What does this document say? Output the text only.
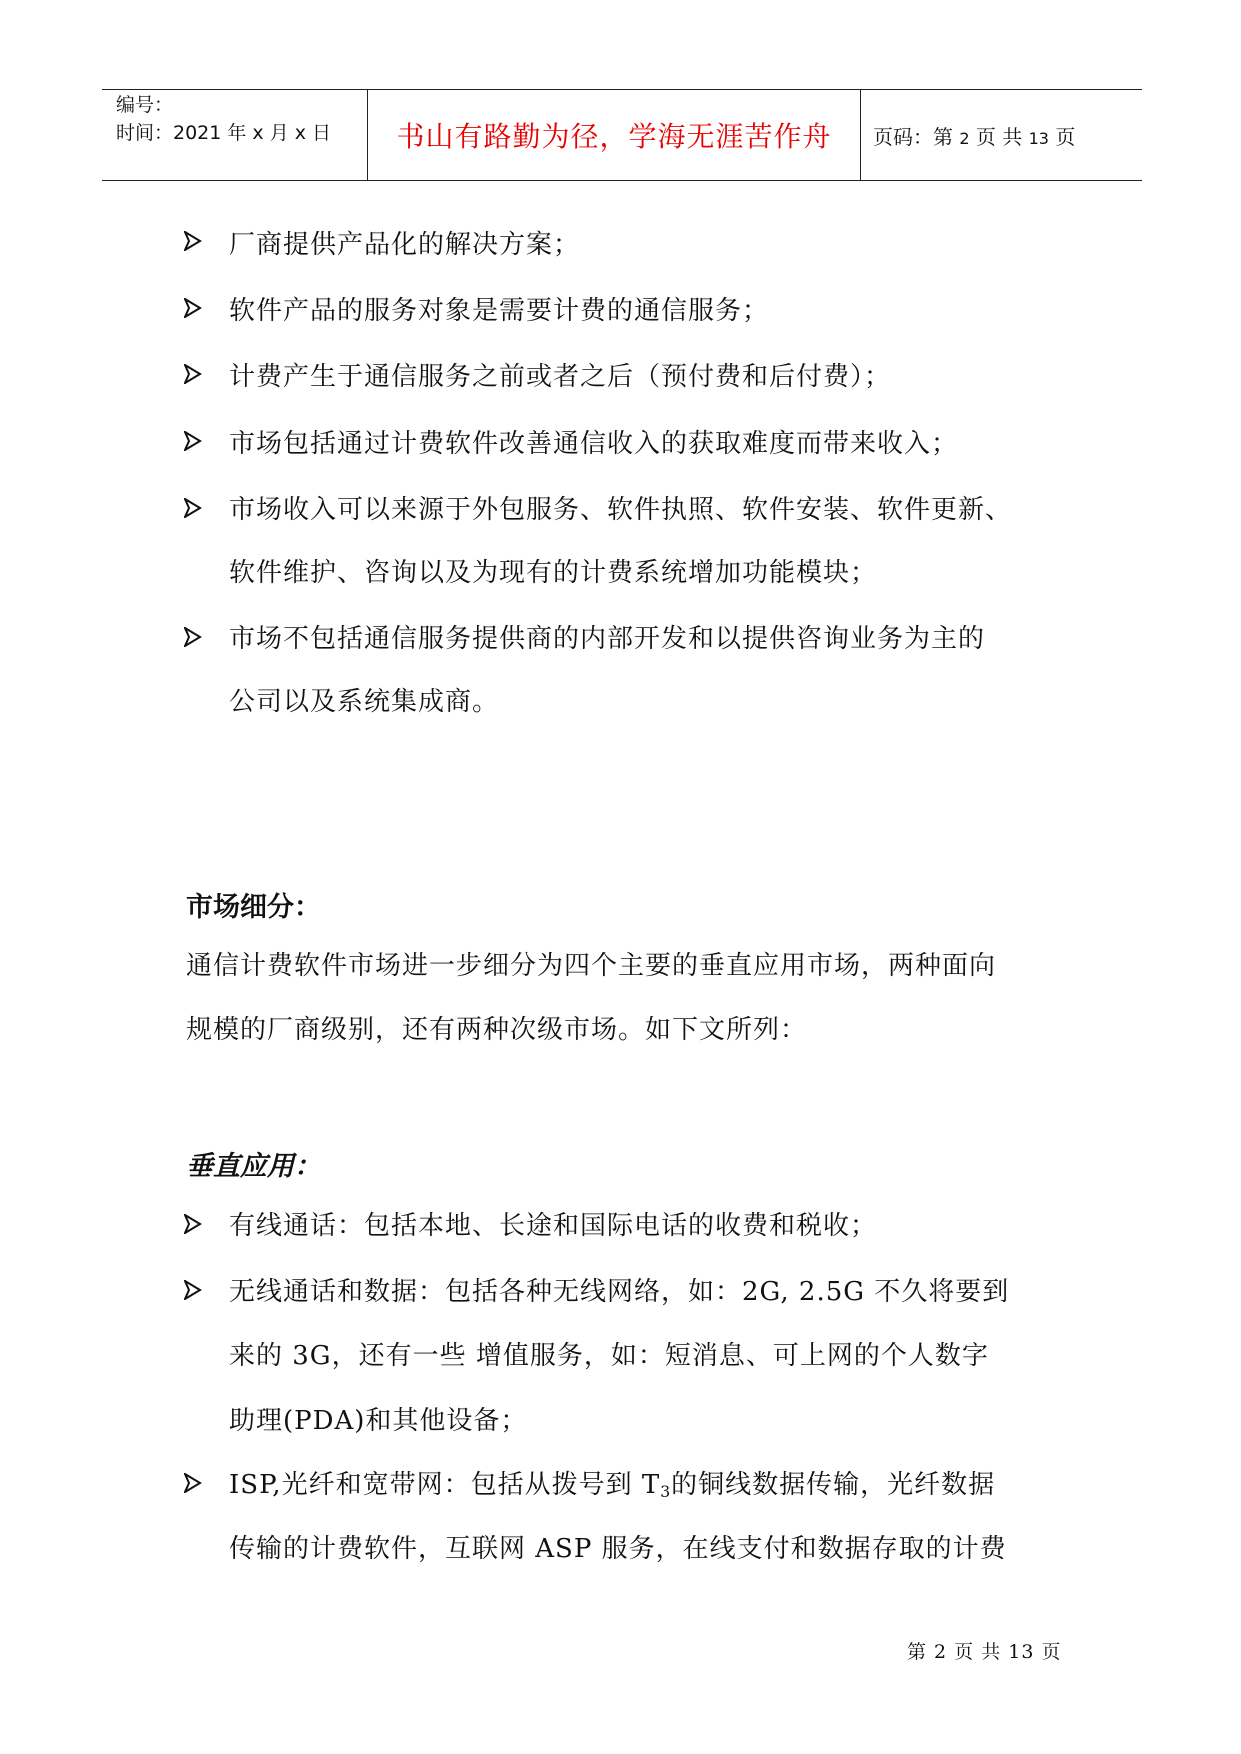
编号：
时间：2021 年 x 月 x 日 书山有路勤为径，学海无涯苦作舟 页码：第 2 页 共 13 页
厂商提供产品化的解决方案；
软件产品的服务对象是需要计费的通信服务；
计费产生于通信服务之前或者之后（预付费和后付费）；
市场包括通过计费软件改善通信收入的获取难度而带来收入；
市场收入可以来源于外包服务、软件执照、软件安装、软件更新、
软件维护、咨询以及为现有的计费系统增加功能模块；
市场不包括通信服务提供商的内部开发和以提供咨询业务为主的
公司以及系统集成商。
市场细分：
通信计费软件市场进一步细分为四个主要的垂直应用市场，两种面向
规模的厂商级别，还有两种次级市场。如下文所列：
垂直应用：
有线通话：包括本地、长途和国际电话的收费和税收；
无线通话和数据：包括各种无线网络，如：2G, 2.5G 不久将要到
来的 3G，还有一些 增值服务，如：短消息、可上网的个人数字
助理(PDA)和其他设备；
ISP,光纤和宽带网：包括从拨号到 $T_3$的铜线数据传输，光纤数据
传输的计费软件，互联网 ASP 服务，在线支付和数据存取的计费
第 2 页 共 13 页
